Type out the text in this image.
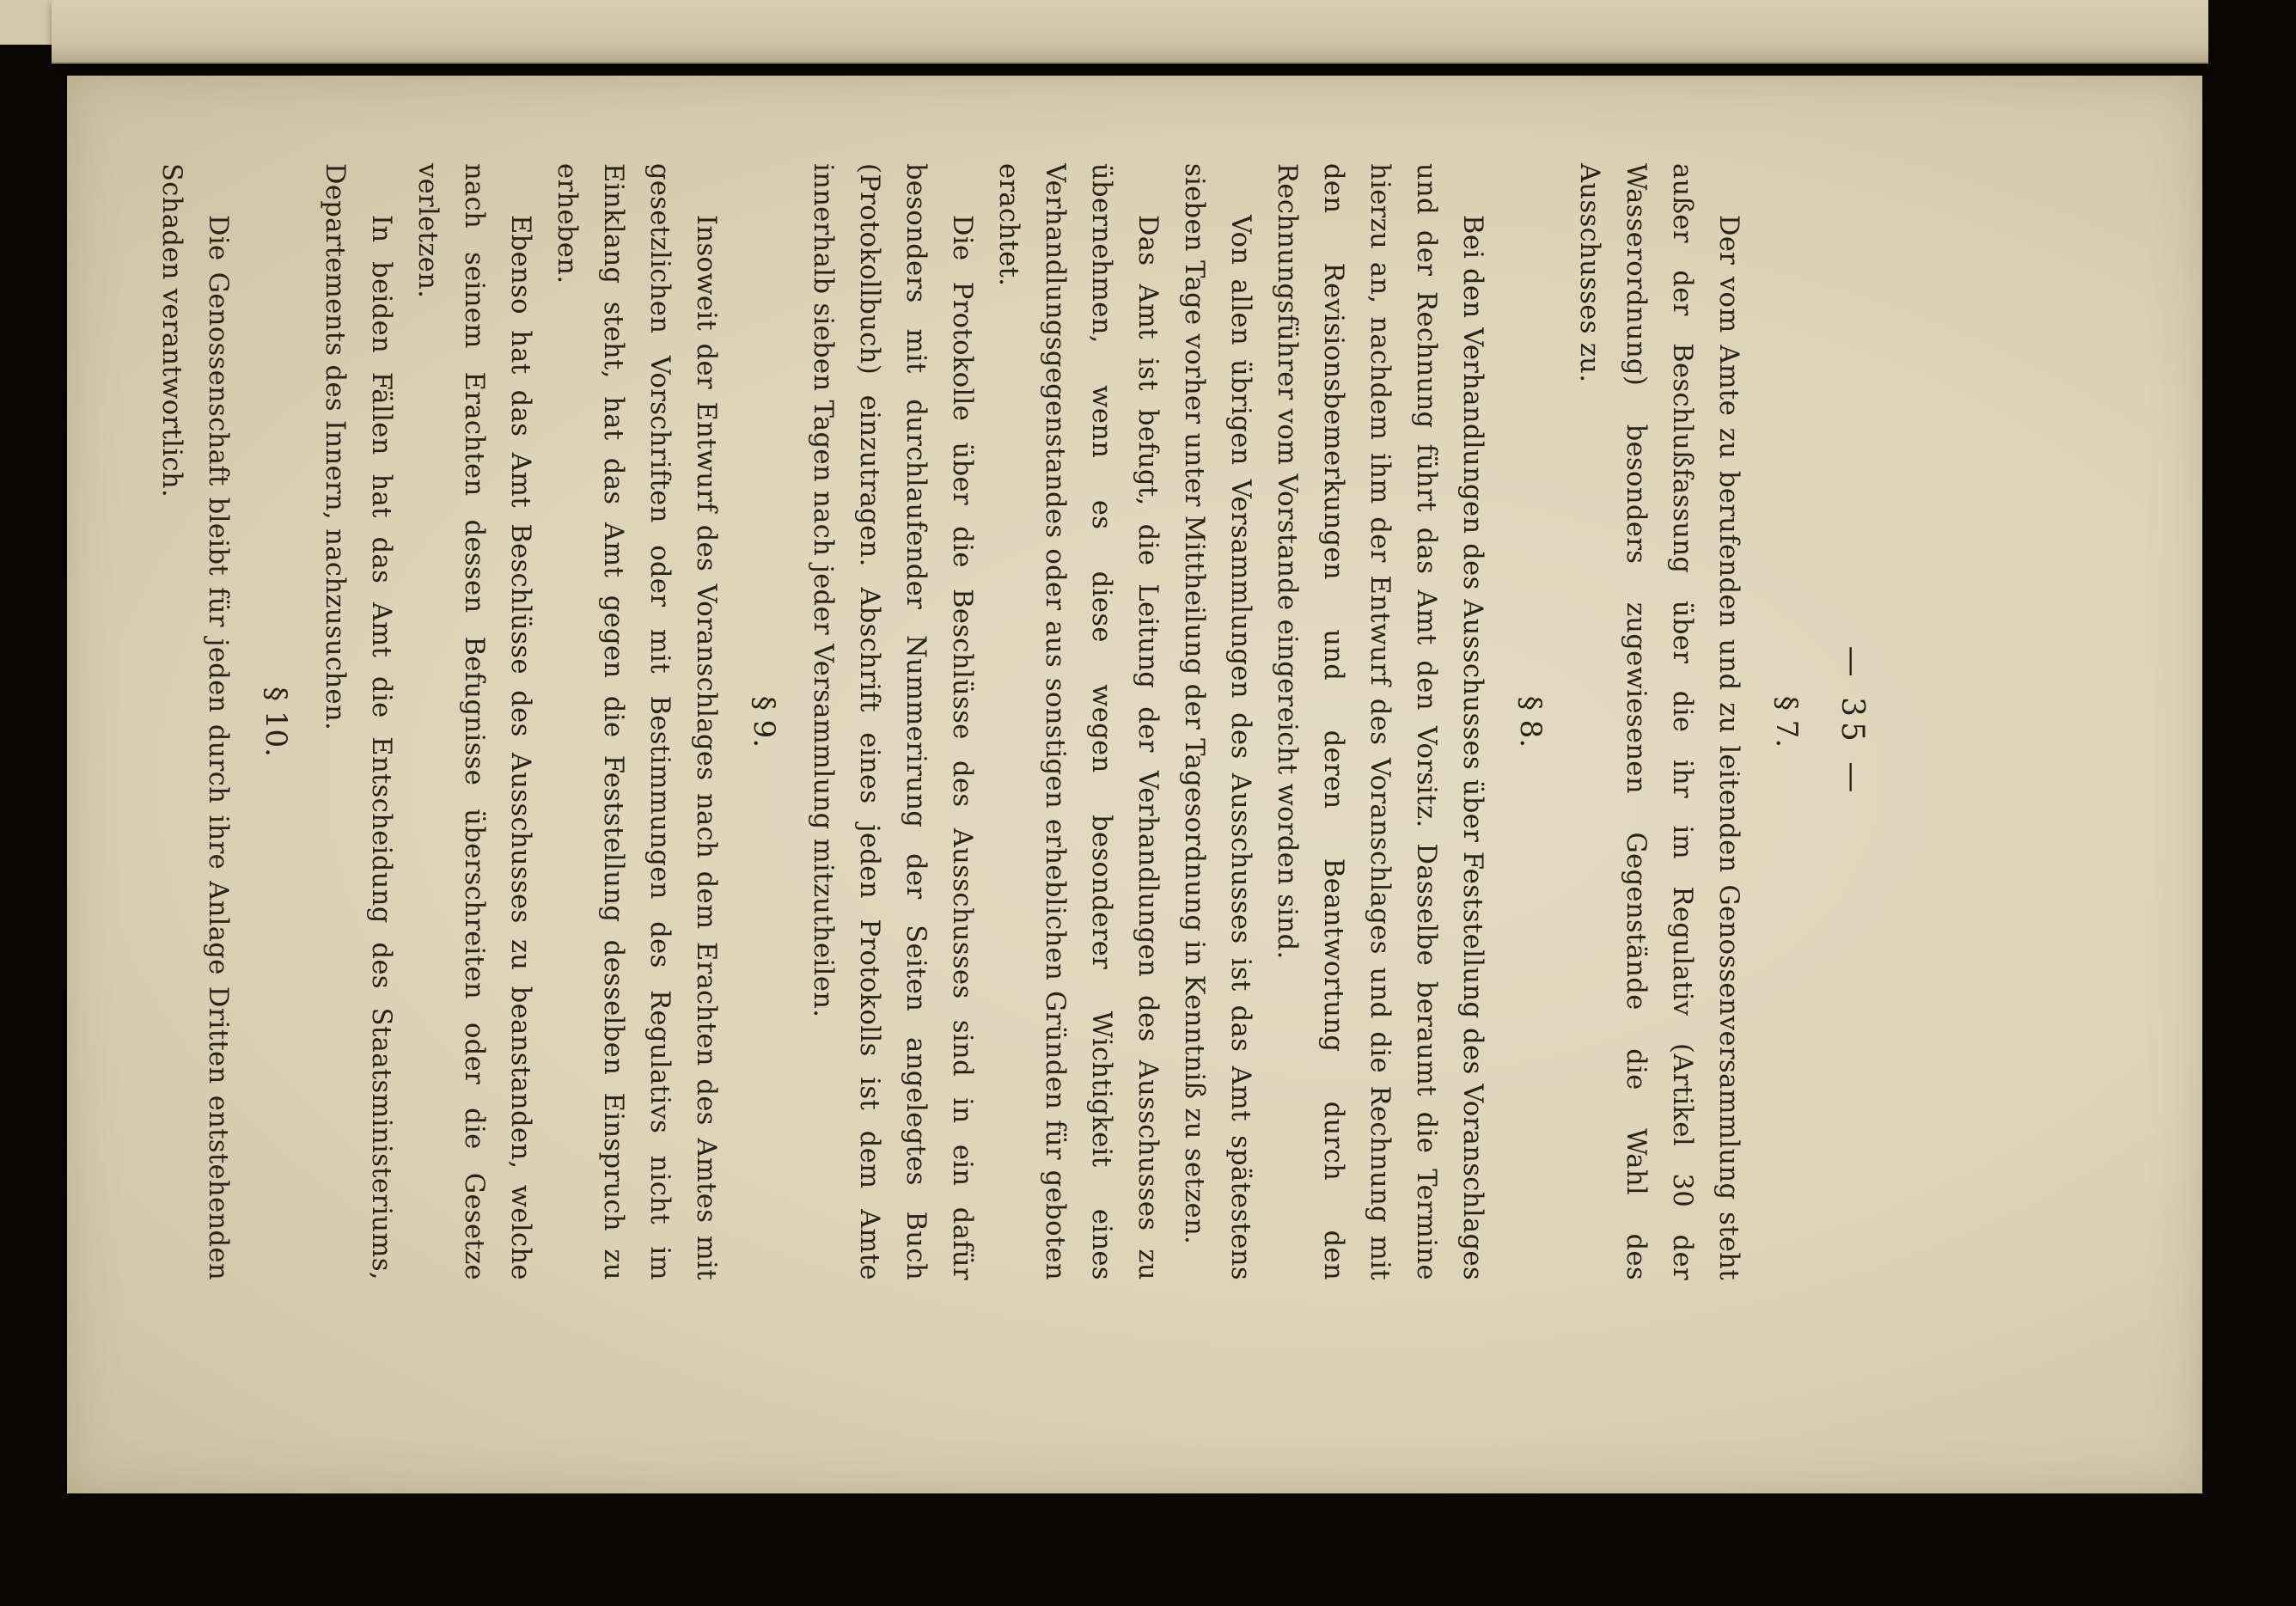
— 35 —
§ 7.

Der vom Amte zu berufenden und zu leitenden Genossenversammlung steht außer der Beschlußfassung über die ihr im Regulativ (Artikel 30 der Wasserordnung) besonders zugewiesenen Gegenstände die Wahl des Ausschusses zu.

§ 8.

Bei den Verhandlungen des Ausschusses über Feststellung des Voranschlages und der Rechnung führt das Amt den Vorsitz. Dasselbe beraumt die Termine hierzu an, nachdem ihm der Entwurf des Voranschlages und die Rechnung mit den Revisionsbemerkungen und deren Beantwortung durch den Rechnungsführer vom Vorstande eingereicht worden sind.

Von allen übrigen Versammlungen des Ausschusses ist das Amt spätestens sieben Tage vorher unter Mittheilung der Tagesordnung in Kenntniß zu setzen.

Das Amt ist befugt, die Leitung der Verhandlungen des Ausschusses zu übernehmen, wenn es diese wegen besonderer Wichtigkeit eines Verhandlungsgegenstandes oder aus sonstigen erheblichen Gründen für geboten erachtet.

Die Protokolle über die Beschlüsse des Ausschusses sind in ein dafür besonders mit durchlaufender Nummerirung der Seiten angelegtes Buch (Protokollbuch) einzutragen. Abschrift eines jeden Protokolls ist dem Amte innerhalb sieben Tagen nach jeder Versammlung mitzutheilen.

§ 9.

Insoweit der Entwurf des Voranschlages nach dem Erachten des Amtes mit gesetzlichen Vorschriften oder mit Bestimmungen des Regulativs nicht im Einklang steht, hat das Amt gegen die Feststellung desselben Einspruch zu erheben.

Ebenso hat das Amt Beschlüsse des Ausschusses zu beanstanden, welche nach seinem Erachten dessen Befugnisse überschreiten oder die Gesetze verletzen.

In beiden Fällen hat das Amt die Entscheidung des Staatsministeriums, Departements des Innern, nachzusuchen.

§ 10.

Die Genossenschaft bleibt für jeden durch ihre Anlage Dritten entstehenden Schaden verantwortlich.
